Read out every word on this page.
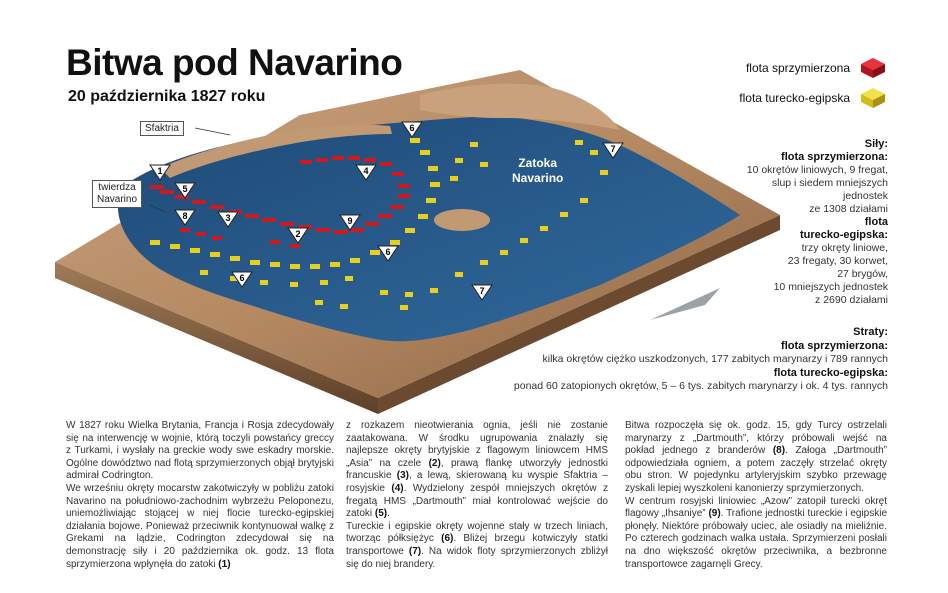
1
5
8	3
2
9
4
6
6
6
7
7
Bitwa pod Navarino
20 października 1827 roku
Sfaktria
twierdza
Navarino
Zatoka
Navarino
flota sprzymierzona
flota turecko-egipska
Siły:
flota sprzymierzona:
10 okrętów liniowych, 9 fregat,
slup i siedem mniejszych
jednostek
ze 1308 działami
flota
turecko-egipska:
trzy okręty liniowe,
23 fregaty, 30 korwet,
27 brygów,
10 mniejszych jednostek
z 2690 działami
Straty:
flota sprzymierzona:
kilka okrętów ciężko uszkodzonych, 177 zabitych marynarzy i 789 rannych
flota turecko-egipska:
ponad 60 zatopionych okrętów, 5 – 6 tys. zabitych marynarzy i ok. 4 tys. rannych

W 1827 roku Wielka Brytania, Francja i Rosja zdecydowały się na interwencję w wojnie, którą toczyli powstańcy greccy z Turkami, i wysłały na greckie wody swe eskadry morskie. Ogólne dowództwo nad flotą sprzymierzonych objął brytyjski admirał Codrington.

We wrześniu okręty mocarstw zakotwiczyły w pobliżu zatoki Navarino na południowo-zachodnim wybrzeżu Peloponezu, uniemożliwiając stojącej w niej flocie turecko-egipskiej działania bojowe. Ponieważ przeciwnik kontynuował walkę z Grekami na lądzie, Codrington zdecydował się na demonstrację siły i 20 października ok. godz. 13 flota sprzymierzona wpłynęła do zatoki (1)

z rozkazem nieotwierania ognia, jeśli nie zostanie zaatakowana. W środku ugrupowania znalazły się najlepsze okręty brytyjskie z flagowym liniowcem HMS „Asia” na czele (2), prawą flankę utworzyły jednostki francuskie (3), a lewą, skierowaną ku wyspie Sfaktria – rosyjskie (4). Wydzielony zespół mniejszych okrętów z fregatą HMS „Dartmouth” miał kontrolować wejście do zatoki (5).

Tureckie i egipskie okręty wojenne stały w trzech liniach, tworząc półksiężyc (6). Bliżej brzegu kotwiczyły statki transportowe (7). Na widok floty sprzymierzonych zbliżył się do niej brandery.

Bitwa rozpoczęła się ok. godz. 15, gdy Turcy ostrzelali marynarzy z „Dartmouth”, którzy próbowali wejść na pokład jednego z branderów (8). Załoga „Dartmouth” odpowiedziała ogniem, a potem zaczęły strzelać okręty obu stron. W pojedynku artyleryjskim szybko przewagę zyskali lepiej wyszkoleni kanonierzy sprzymierzonych.

W centrum rosyjski liniowiec „Azow” zatopił turecki okręt flagowy „Ihsaniye” (9). Trafione jednostki tureckie i egipskie płonęły. Niektóre próbowały uciec, ale osiadły na mieliźnie. Po czterech godzinach walka ustała. Sprzymierzeni posłali na dno większość okrętów przeciwnika, a bezbronne transportowce zagarnęli Grecy.
